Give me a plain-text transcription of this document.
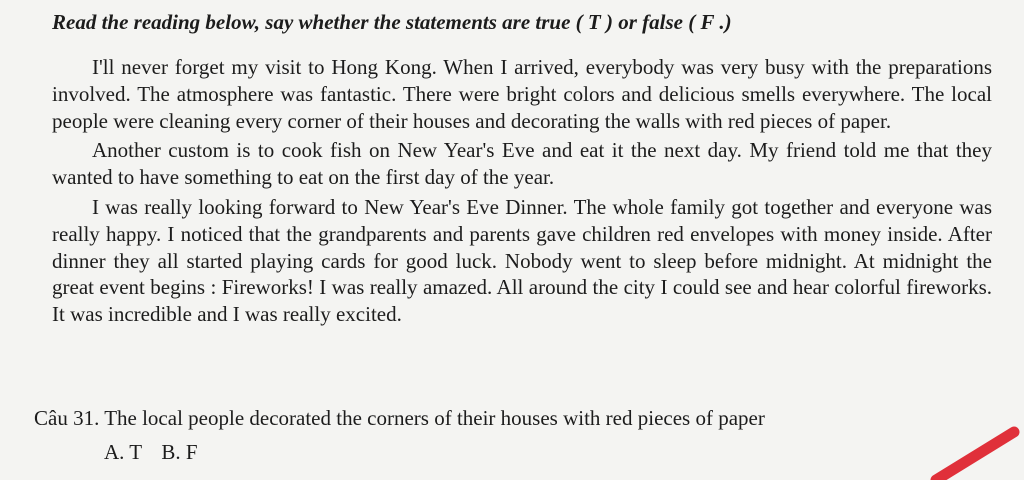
Read the reading below, say whether the statements are true ( T ) or false ( F .)

I'll never forget my visit to Hong Kong. When I arrived, everybody was very busy with the preparations involved. The atmosphere was fantastic. There were bright colors and delicious smells everywhere. The local people were cleaning every corner of their houses and decorating the walls with red pieces of paper.

Another custom is to cook fish on New Year's Eve and eat it the next day. My friend told me that they wanted to have something to eat on the first day of the year.

I was really looking forward to New Year's Eve Dinner. The whole family got together and everyone was really happy. I noticed that the grandparents and parents gave children red envelopes with money inside. After dinner they all started playing cards for good luck. Nobody went to sleep before midnight. At midnight the great event begins : Fireworks! I was really amazed. All around the city I could see and hear colorful fireworks. It was incredible and I was really excited.

Câu 31. The local people decorated the corners of their houses with red pieces of paper
A. T B. F
